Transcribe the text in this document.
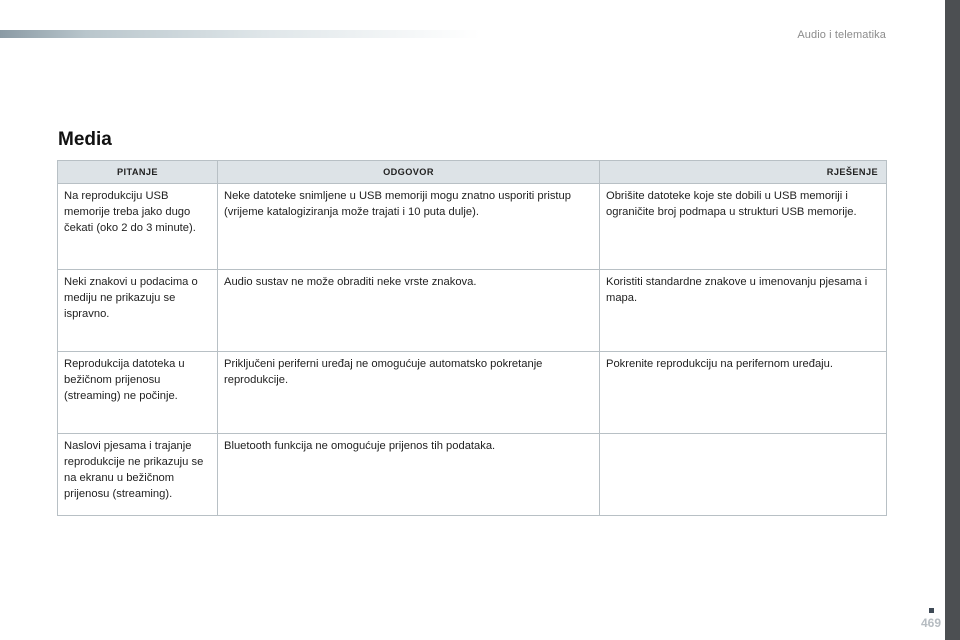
Audio i telematika
Media
PITANJE	ODGOVOR	RJEŠENJE
Na reprodukciju USB memorije treba jako dugo čekati (oko 2 do 3 minute).	Neke datoteke snimljene u USB memoriji mogu znatno usporiti pristup (vrijeme katalogiziranja može trajati i 10 puta dulje).	Obrišite datoteke koje ste dobili u USB memoriji i ograničite broj podmapa u strukturi USB memorije.
Neki znakovi u podacima o mediju ne prikazuju se ispravno.	Audio sustav ne može obraditi neke vrste znakova.	Koristiti standardne znakove u imenovanju pjesama i mapa.
Reprodukcija datoteka u bežičnom prijenosu (streaming) ne počinje.	Priključeni periferni uređaj ne omogućuje automatsko pokretanje reprodukcije.	Pokrenite reprodukciju na perifernom uređaju.
Naslovi pjesama i trajanje reprodukcije ne prikazuju se na ekranu u bežičnom prijenosu (streaming).	Bluetooth funkcija ne omogućuje prijenos tih podataka.	
469
